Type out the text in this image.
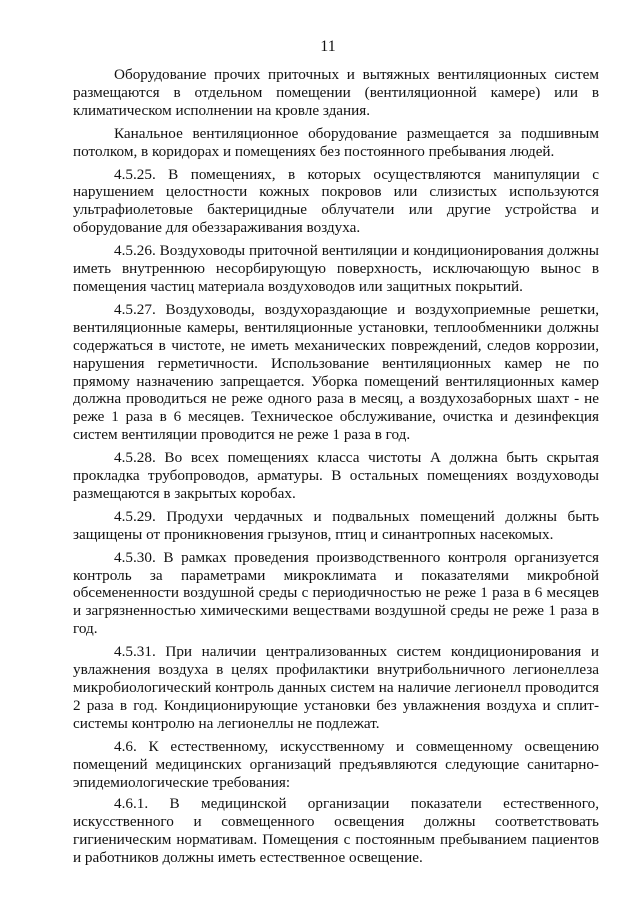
11

Оборудование прочих приточных и вытяжных вентиляционных систем размещаются в отдельном помещении (вентиляционной камере) или в климатическом исполнении на кровле здания.

Канальное вентиляционное оборудование размещается за подшивным потолком, в коридорах и помещениях без постоянного пребывания людей.

4.5.25. В помещениях, в которых осуществляются манипуляции с нарушением целостности кожных покровов или слизистых используются ультрафиолетовые бактерицидные облучатели или другие устройства и оборудование для обеззараживания воздуха.

4.5.26. Воздуховоды приточной вентиляции и кондиционирования должны иметь внутреннюю несорбирующую поверхность, исключающую вынос в помещения частиц материала воздуховодов или защитных покрытий.

4.5.27. Воздуховоды, воздухораздающие и воздухоприемные решетки, вентиляционные камеры, вентиляционные установки, теплообменники должны содержаться в чистоте, не иметь механических повреждений, следов коррозии, нарушения герметичности. Использование вентиляционных камер не по прямому назначению запрещается. Уборка помещений вентиляционных камер должна проводиться не реже одного раза в месяц, а воздухозаборных шахт - не реже 1 раза в 6 месяцев. Техническое обслуживание, очистка и дезинфекция систем вентиляции проводится не реже 1 раза в год.

4.5.28. Во всех помещениях класса чистоты А должна быть скрытая прокладка трубопроводов, арматуры. В остальных помещениях воздуховоды размещаются в закрытых коробах.

4.5.29. Продухи чердачных и подвальных помещений должны быть защищены от проникновения грызунов, птиц и синантропных насекомых.

4.5.30. В рамках проведения производственного контроля организуется контроль за параметрами микроклимата и показателями микробной обсемененности воздушной среды с периодичностью не реже 1 раза в 6 месяцев и загрязненностью химическими веществами воздушной среды не реже 1 раза в год.

4.5.31. При наличии централизованных систем кондиционирования и увлажнения воздуха в целях профилактики внутрибольничного легионеллеза микробиологический контроль данных систем на наличие легионелл проводится 2 раза в год. Кондиционирующие установки без увлажнения воздуха и сплит-системы контролю на легионеллы не подлежат.

4.6. К естественному, искусственному и совмещенному освещению помещений медицинских организаций предъявляются следующие санитарно-эпидемиологические требования:

4.6.1. В медицинской организации показатели естественного, искусственного и совмещенного освещения должны соответствовать гигиеническим нормативам. Помещения с постоянным пребыванием пациентов и работников должны иметь естественное освещение.
